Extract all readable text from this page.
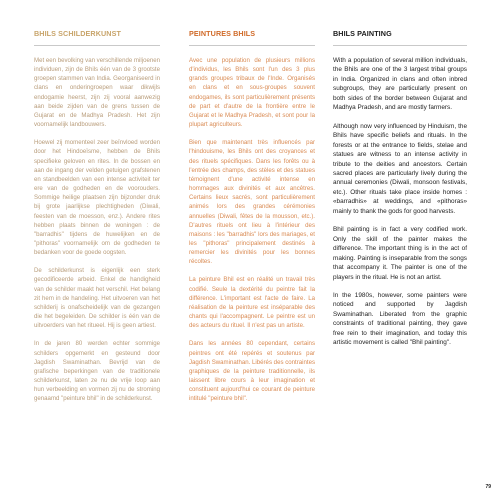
BHILS SCHILDERKUNST

Met een bevolking van verschillende miljoenen individuen, zijn de Bhils één van de 3 grootste groepen stammen van India. Georganiseerd in clans en onderingroepen waar dikwijls endogamie heerst, zijn zij vooral aanwezig aan beide zijden van de grens tussen de Gujarat en de Madhya Pradesh. Het zijn voornamelijk landbouwers.

Hoewel zij momenteel zeer beïnvloed worden door het Hindoeïsme, hebben de Bhils specifieke geloven en rites. In de bossen en aan de ingang der velden getuigen grafstenen en standbeelden van een intense activiteit ter ere van de godheden en de voorouders. Sommige heilige plaatsen zijn bijzonder druk bij grote jaarlijkse plechtigheden (Diwali, feesten van de moesson, enz.). Andere rites hebben plaats binnen de woningen : de "barradhis" tijdens de huwelijken en de "pithoras" voornamelijk om de godheden te bedanken voor de goede oogsten.

De schilderkunst is eigenlijk een sterk gecodificeerde arbeid. Enkel de handigheid van de schilder maakt het verschil. Het belang zit hem in de handeling. Het uitvoeren van het schilderij is onafscheidelijk van de gezangen die het begeleiden. De schilder is één van de uitvoerders van het ritueel. Hij is geen artiest.

In de jaren 80 werden echter sommige schilders opgemerkt en gesteund door Jagdish Swaminathan. Bevrijd van de grafische beperkingen van de traditionele schilderkunst, laten ze nu de vrije loop aan hun verbeelding en vormen zij nu de stroming genaamd "peinture bhil" in de schilderkunst.

PEINTURES BHILS

Avec une population de plusieurs millions d'individus, les Bhils sont l'un des 3 plus grands groupes tribaux de l'Inde. Organisés en clans et en sous-groupes souvent endogames, ils sont particulièrement présents de part et d'autre de la frontière entre le Gujarat et le Madhya Pradesh, et sont pour la plupart agriculteurs.

Bien que maintenant très influencés par l'hindouisme, les Bhils ont des croyances et des rituels spécifiques. Dans les forêts ou à l'entrée des champs, des stèles et des statues témoignent d'une activité intense en hommages aux divinités et aux ancêtres. Certains lieux sacrés, sont particulièrement animés lors des grandes cérémonies annuelles (Diwali, fêtes de la mousson, etc.). D'autres rituels ont lieu à l'intérieur des maisons : les "barradhis" lors des mariages, et les "pithoras" principalement destinés à remercier les divinités pour les bonnes récoltes.

La peinture Bhil est en réalité un travail très codifié. Seule la dextérité du peintre fait la différence. L'important est l'acte de faire. La réalisation de la peinture est inséparable des chants qui l'accompagnent. Le peintre est un des acteurs du rituel. Il n'est pas un artiste.

Dans les années 80 cependant, certains peintres ont été repérés et soutenus par Jagdish Swaminathan. Libérés des contraintes graphiques de la peinture traditionnelle, ils laissent libre cours à leur imagination et constituent aujourd'hui ce courant de peinture intitulé "peinture bhil".

BHILS PAINTING

With a population of several million individuals, the Bhils are one of the 3 largest tribal groups in India. Organized in clans and often inbred subgroups, they are particularly present on both sides of the border between Gujarat and Madhya Pradesh, and are mostly farmers.

Although now very influenced by Hinduism, the Bhils have specific beliefs and rituals. In the forests or at the entrance to fields, stelae and statues are witness to an intense activity in tribute to the deities and ancestors. Certain sacred places are particularly lively during the annual ceremonies (Diwali, monsoon festivals, etc.). Other rituals take place inside homes : «barradhis» at weddings, and «pithoras» mainly to thank the gods for good harvests.

Bhil painting is in fact a very codified work. Only the skill of the painter makes the difference. The important thing is in the act of making. Painting is inseparable from the songs that accompany it. The painter is one of the players in the ritual. He is not an artist.

In the 1980s, however, some painters were noticed and supported by Jagdish Swaminathan. Liberated from the graphic constraints of traditional painting, they gave free rein to their imagination, and today this artistic movement is called "Bhil painting".

79
